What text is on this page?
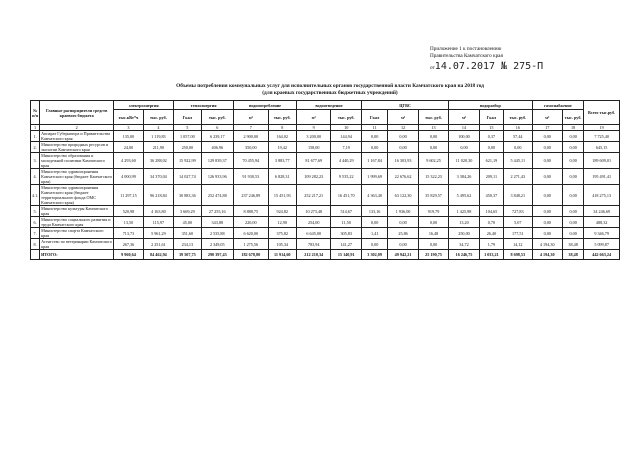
Приложение 1 к постановлению
Правительства Камчатского края
от14.07.2017 № 275-П
Объемы потребления коммунальных услуг для исполнительных органов государственной власти Камчатского края на 2018 год
(для краевых государственных бюджетных учреждений)
№ п/п	Главные распорядители средств краевого бюджета	электроэнергия		теплоэнергия		водопотребление		водоотведение		ЦГВС			водоразбор			газоснабжение		Всего тыс.руб.
		тыс.кВт*ч	тыс. руб.	Гкал	тыс. руб.	м³	тыс. руб.	м³	тыс. руб.	Гкал	м³	тыс. руб.	м³	Гкал	тыс. руб.	м³	тыс. руб.	
1	2	3	4	5	6	7	8	9	10	11	12	13	14	15	16	17	18	19
1.	Аппарат Губернатора и Правительства Камчатского края	135,00	1 119,83	1 057,00	6 239,17	2 900,00	164,02	3 200,00	144,94	0,00	0,00	0,00	100,00	0,37	57,44	0,00	0,00	7 725,40
2.	Министерство природных ресурсов и экологии Камчатского края	24,00	211,90	250,00	406,96	350,00	19,42	158,00	7,19	0,00	0,00	0,00	0,00	0,00	0,00	0,00	0,00	645,15
3.	Министерство образования и молодежной политики Камчатского края	4 293,60	36 288,02	15 922,99	129 839,37	70 455,94	3 883,77	81 677,69	4 440,29	1 167,84	16 303,93	9 602,25	11 020,30	621,19	5 445,11	0,00	0,00	189 609,01
4.	Министерство здравоохранения Камчатского края (бюджет Камчатского края)	4 000,99	34 370,04	14 027,74	126 933,96	91 930,53	6 828,31	109 282,23	9 535,22	1 999,69	22 676,62	15 322,23	3 384,26	209,11	2 271,43	0,00	0,00	195 491,41
4.1.	Министерство здравоохранения Камчатского края (бюджет территориального фонда ОМС Камчатского края)	11 297,15	96 218,84	30 883,36	252 474,88	237 246,89	15 451,93	252 217,21	16 451,70	4 363,40	63 122,30	35 829,57	5 495,62	450,37	3 848,21	0,00	0,00	418 275,13
5.	Министерство культуры Камчатского края	520,98	4 163,80	3 669,29	27 255,16	8 888,75	924,82	10 273,48	514,67	133,16	1 936,00	919,79	1 425,98	104,65	727,83	0,00	0,00	34 246,69
6.	Министерство социального развития и труда Камчатского края	13,50	115,97	45,00	343,88	220,00	12,90	254,00	11,50	0,00	0,00	0,00	13,20	0,70	5,07	0,00	0,00	488,32
7.	Министерство спорта Камчатского края	713,73	5 961,29	351,60	2 535,88	6 620,00	375,82	6 645,00	305,83	1,41	25,86	16,48	250,00	26,40	177,51	0,00	0,00	9 346,79
8.	Агентство по ветеринарии Камчатского края	267,36	2 251,61	234,13	2 349,05	1 275,56	105,34	783,94	141,27	0,00	0,00	0,00	34,72	1,79	14,12	4 194,30	38,48	5 099,87
	ИТОГО:	9 960,64	84 462,94	39 507,75	290 397,43	182 678,80	11 914,60	212 210,34	15 140,91	3 302,09	49 942,21	25 190,75	16 246,75	1 033,21	8 698,53	4 194,30	38,48	442 663,24
